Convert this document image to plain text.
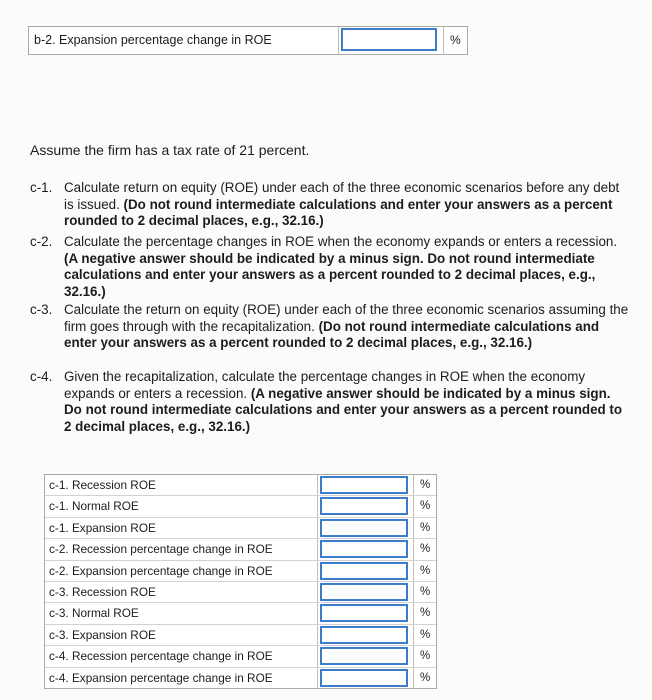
b-2. Expansion percentage change in ROE	%
Assume the firm has a tax rate of 21 percent.
c-1. Calculate return on equity (ROE) under each of the three economic scenarios before any debt is issued. (Do not round intermediate calculations and enter your answers as a percent rounded to 2 decimal places, e.g., 32.16.)
c-2. Calculate the percentage changes in ROE when the economy expands or enters a recession. (A negative answer should be indicated by a minus sign. Do not round intermediate calculations and enter your answers as a percent rounded to 2 decimal places, e.g., 32.16.)
c-3. Calculate the return on equity (ROE) under each of the three economic scenarios assuming the firm goes through with the recapitalization. (Do not round intermediate calculations and enter your answers as a percent rounded to 2 decimal places, e.g., 32.16.)
c-4. Given the recapitalization, calculate the percentage changes in ROE when the economy expands or enters a recession. (A negative answer should be indicated by a minus sign. Do not round intermediate calculations and enter your answers as a percent rounded to 2 decimal places, e.g., 32.16.)
c-1. Recession ROE	%
c-1. Normal ROE	%
c-1. Expansion ROE	%
c-2. Recession percentage change in ROE	%
c-2. Expansion percentage change in ROE	%
c-3. Recession ROE	%
c-3. Normal ROE	%
c-3. Expansion ROE	%
c-4. Recession percentage change in ROE	%
c-4. Expansion percentage change in ROE	%
